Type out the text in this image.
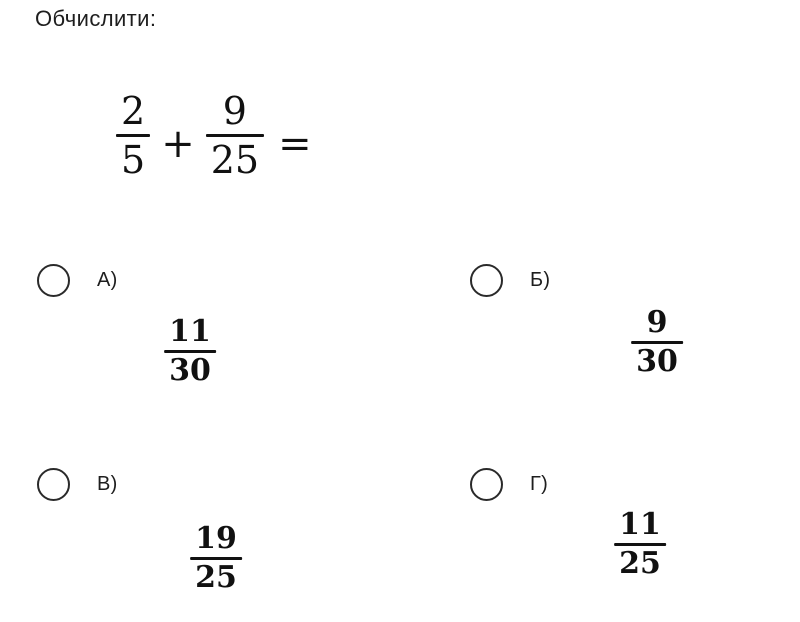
Обчислити:
$\frac{2}{5} + \frac{9}{25}$ =
А)
11
30
Б)
9
30
В)
19
25
Г)
11
25
